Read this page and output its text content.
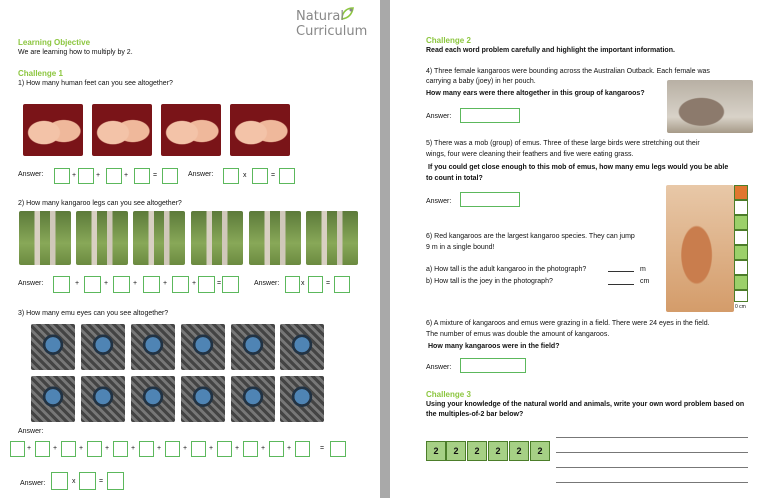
Natural
Curriculum
Learning Objective
We are learning how to multiply by 2.
Challenge 1
1) How many human feet can you see altogether?
Answer:	+	+	+	=	Answer:	x	=
2) How many kangaroo legs can you see altogether?
Answer:	+	+	+	+	+	=	Answer:	x	=
3) How many emu eyes can you see altogether?
Answer:
+	+	+	+	+	+	+	+	+	+	+	=
Answer:	x	=
Challenge 2
Read each word problem carefully and highlight the important information.
4) Three female kangaroos were bounding across the Australian Outback. Each female was
carrying a baby (joey) in her pouch.
How many ears were there altogether in this group of kangaroos?
Answer:
5) There was a mob (group) of emus. Three of these large birds were stretching out their
wings, four were cleaning their feathers and five were eating grass.
If you could get close enough to this mob of emus, how many emu legs would you be able
to count in total?
Answer:
0 cm
6) Red kangaroos are the largest kangaroo species. They can jump
9 m in a single bound!
a) How tall is the adult kangaroo in the photograph?	m
b) How tall is the joey in the photograph?	cm
6) A mixture of kangaroos and emus were grazing in a field. There were 24 eyes in the field.
The number of emus was double the amount of kangaroos.
How many kangaroos were in the field?
Answer:
Challenge 3
Using your knowledge of the natural world and animals, write your own word problem based on
the multiples-of-2 bar below?
2	2	2	2	2	2
